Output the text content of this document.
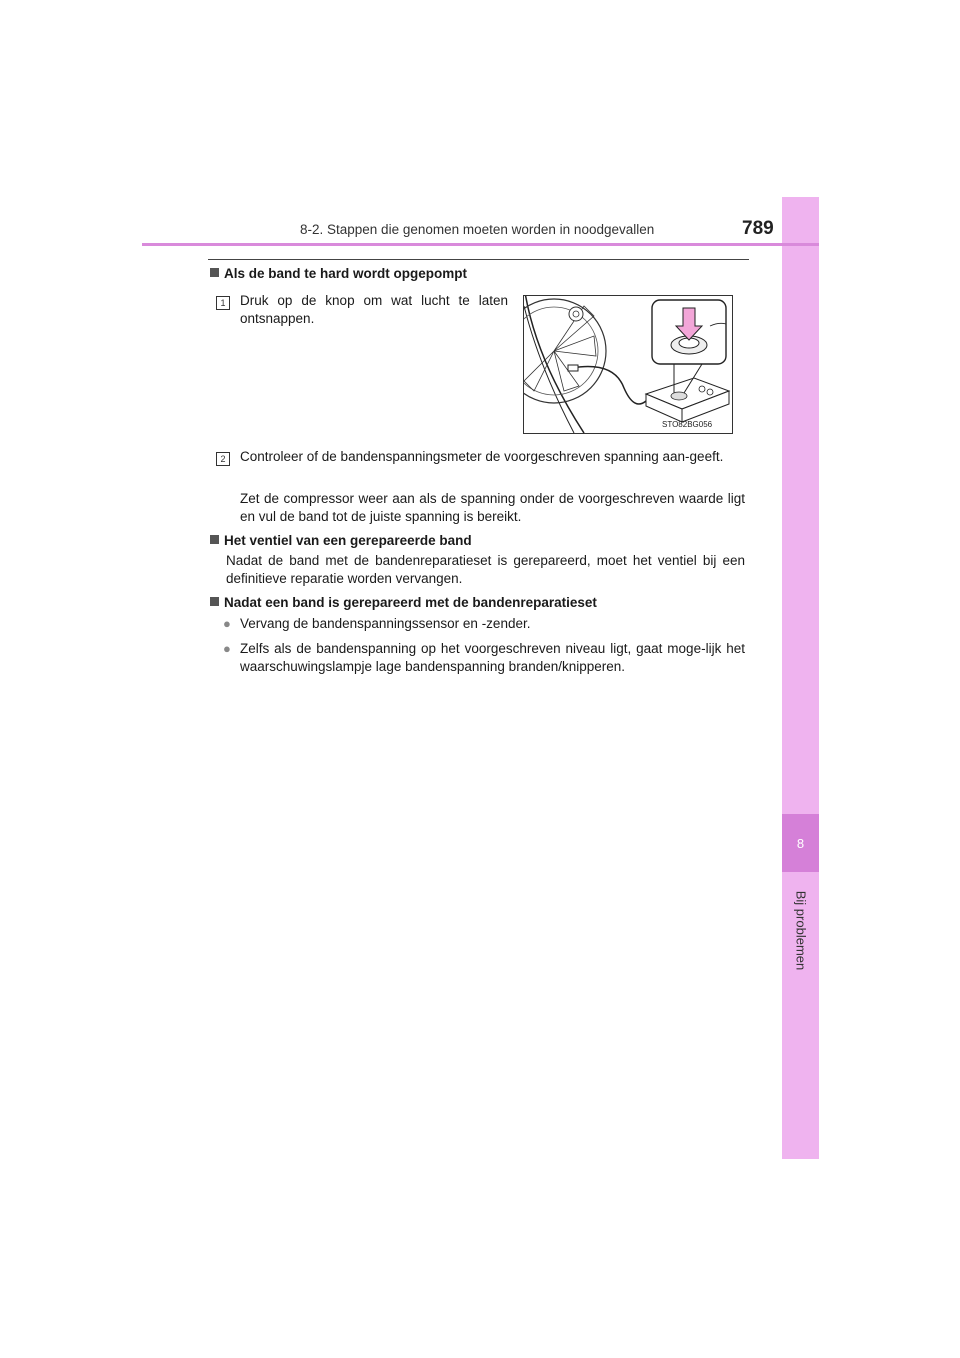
8
Bij problemen
8-2. Stappen die genomen moeten worden in noodgevallen	789
Als de band te hard wordt opgepompt
1	Druk op de knop om wat lucht te laten ontsnappen.
STO82BG056
2	Controleer of de bandenspanningsmeter de voorgeschreven spanning aan-geeft.
Zet de compressor weer aan als de spanning onder de voorgeschreven waarde ligt en vul de band tot de juiste spanning is bereikt.
Het ventiel van een gerepareerde band
Nadat de band met de bandenreparatieset is gerepareerd, moet het ventiel bij een definitieve reparatie worden vervangen.
Nadat een band is gerepareerd met de bandenreparatieset
● Vervang de bandenspanningssensor en -zender.
● Zelfs als de bandenspanning op het voorgeschreven niveau ligt, gaat moge-lijk het waarschuwingslampje lage bandenspanning branden/knipperen.
